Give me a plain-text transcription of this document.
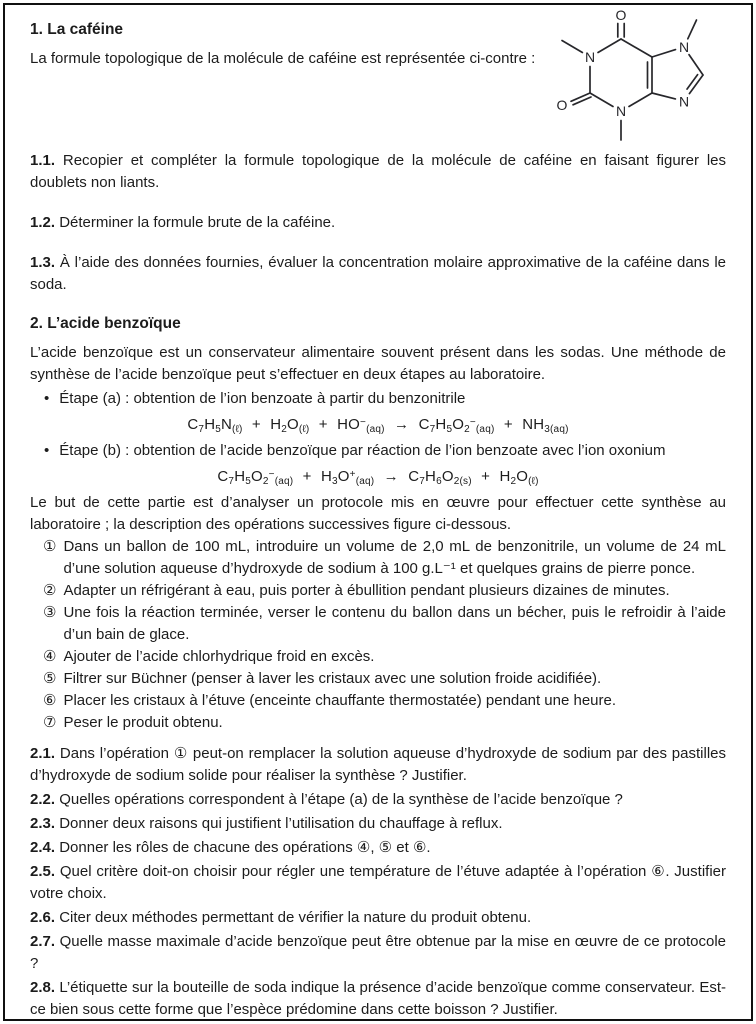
1. La caféine

La formule topologique de la molécule de caféine est représentée ci-contre :	N
N
N
N
O
O

1.1. Recopier et compléter la formule topologique de la molécule de caféine en faisant figurer les doublets non liants.

1.2. Déterminer la formule brute de la caféine.

1.3. À l’aide des données fournies, évaluer la concentration molaire approximative de la caféine dans le soda.

2. L’acide benzoïque

L’acide benzoïque est un conservateur alimentaire souvent présent dans les sodas. Une méthode de synthèse de l’acide benzoïque peut s’effectuer en deux étapes au laboratoire.

• Étape (a) : obtention de l’ion benzoate à partir du benzonitrile
$C_7H_5N_{(\ell)} + H_2O_{(\ell)} + HO^-_{(aq)} \to C_7H_5O_2^-_{(aq)} + NH_{3(aq)}$
• Étape (b) : obtention de l’acide benzoïque par réaction de l’ion benzoate avec l’ion oxonium
$C_7H_5O_2^-_{(aq)} + H_3O^+_{(aq)} \to C_7H_6O_{2(s)} + H_2O_{(\ell)}$

Le but de cette partie est d’analyser un protocole mis en œuvre pour effectuer cette synthèse au laboratoire ; la description des opérations successives figure ci-dessous.

① Dans un ballon de 100 mL, introduire un volume de 2,0 mL de benzonitrile, un volume de 24 mL d’une solution aqueuse d’hydroxyde de sodium à 100 g.L⁻¹ et quelques grains de pierre ponce.
② Adapter un réfrigérant à eau, puis porter à ébullition pendant plusieurs dizaines de minutes.
③ Une fois la réaction terminée, verser le contenu du ballon dans un bécher, puis le refroidir à l’aide d’un bain de glace.
④ Ajouter de l’acide chlorhydrique froid en excès.
⑤ Filtrer sur Büchner (penser à laver les cristaux avec une solution froide acidifiée).
⑥ Placer les cristaux à l’étuve (enceinte chauffante thermostatée) pendant une heure.
⑦ Peser le produit obtenu.

2.1. Dans l’opération ① peut-on remplacer la solution aqueuse d’hydroxyde de sodium par des pastilles d’hydroxyde de sodium solide pour réaliser la synthèse ? Justifier.

2.2. Quelles opérations correspondent à l’étape (a) de la synthèse de l’acide benzoïque ?

2.3. Donner deux raisons qui justifient l’utilisation du chauffage à reflux.

2.4. Donner les rôles de chacune des opérations ④, ⑤ et ⑥.

2.5. Quel critère doit-on choisir pour régler une température de l’étuve adaptée à l’opération ⑥. Justifier votre choix.

2.6. Citer deux méthodes permettant de vérifier la nature du produit obtenu.

2.7. Quelle masse maximale d’acide benzoïque peut être obtenue par la mise en œuvre de ce protocole ?

2.8. L’étiquette sur la bouteille de soda indique la présence d’acide benzoïque comme conservateur. Est-ce bien sous cette forme que l’espèce prédomine dans cette boisson ? Justifier.
